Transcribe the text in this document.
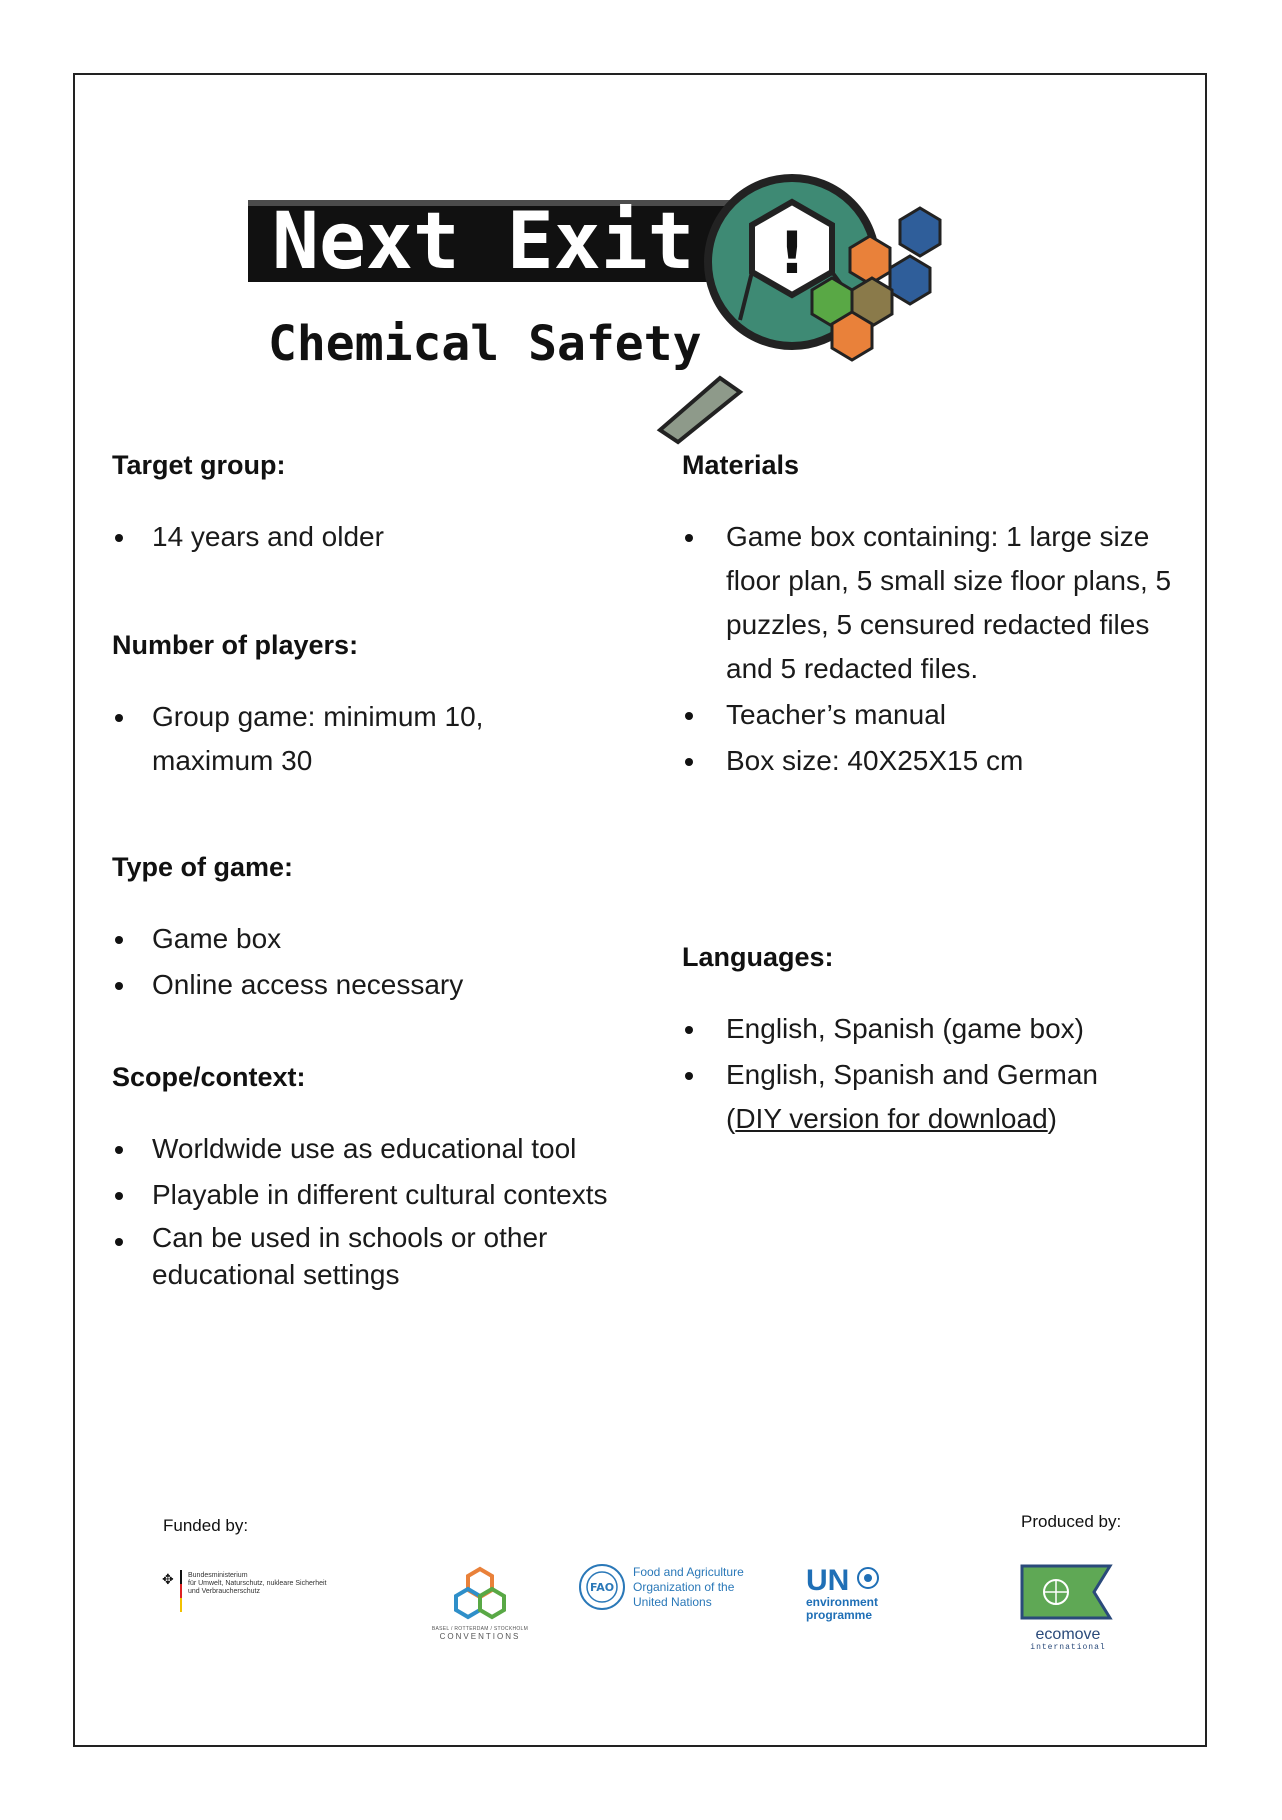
Next Exit
Chemical Safety
!
Target group:
14 years and older
Number of players:
Group game: minimum 10, maximum 30
Type of game:
Game box
Online access necessary
Scope/context:
Worldwide use as educational tool
Playable in different cultural contexts
Can be used in schools or other educational settings
Materials
Game box containing: 1 large size floor plan, 5 small size floor plans, 5 puzzles, 5 censured redacted files and 5 redacted files.
Teacher’s manual
Box size: 40X25X15 cm
Languages:
English, Spanish (game box)
English, Spanish and German
(DIY version for download)
Funded by:	Produced by:
✥ Bundesministerium
für Umwelt, Naturschutz, nukleare Sicherheit
und Verbraucherschutz
BASEL / ROTTERDAM / STOCKHOLM
CONVENTIONS
FAO
Food and Agriculture
Organization of the
United Nations
UN
environment
programme
ecomove
international
